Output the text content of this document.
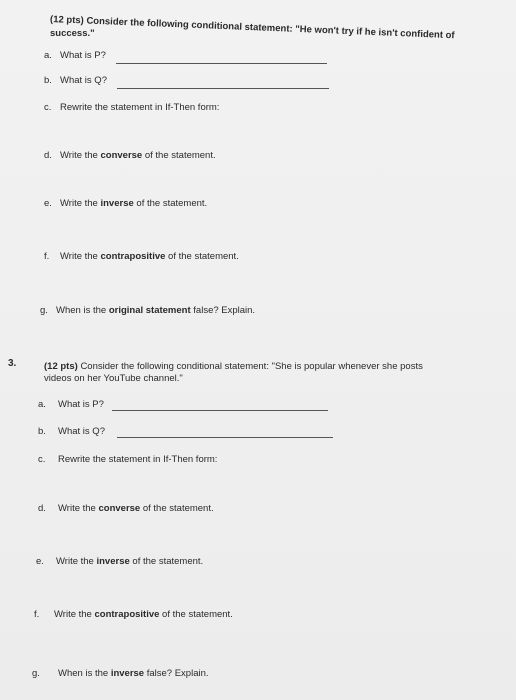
(12 pts) Consider the following conditional statement: "He won't try if he isn't confident of
success."
a. What is P?
b. What is Q?
c. Rewrite the statement in If-Then form:
d. Write the converse of the statement.
e. Write the inverse of the statement.
f. Write the contrapositive of the statement.
g. When is the original statement false? Explain.
3.	(12 pts) Consider the following conditional statement: "She is popular whenever she posts
videos on her YouTube channel."
a. What is P?
b. What is Q?
c. Rewrite the statement in If-Then form:
d. Write the converse of the statement.
e. Write the inverse of the statement.
f. Write the contrapositive of the statement.
g. When is the inverse false? Explain.
